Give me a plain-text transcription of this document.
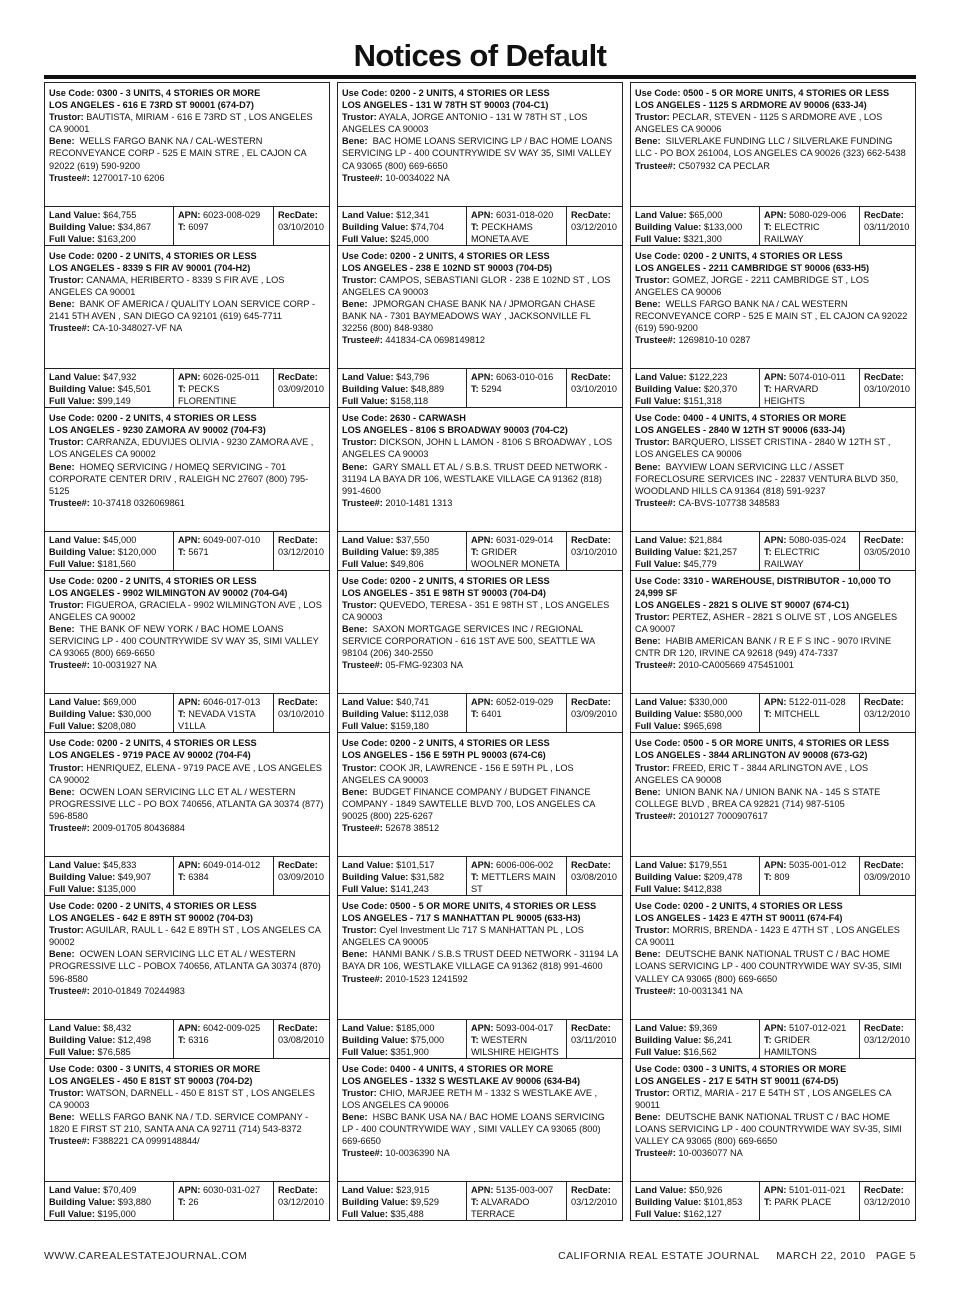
Notices of Default
Use Code: 0300 - 3 UNITS, 4 STORIES OR MORE
LOS ANGELES - 616 E 73RD ST 90001 (674-D7)
Trustor: BAUTISTA, MIRIAM - 616 E 73RD ST , LOS ANGELES CA 90001
Bene: WELLS FARGO BANK NA / CAL-WESTERN RECONVEYANCE CORP - 525 E MAIN STRE , EL CAJON CA 92022 (619) 590-9200
Trustee#: 1270017-10 6206
Land Value: $64,755
Building Value: $34,867
Full Value: $163,200
APN: 6023-008-029
T: 6097
RecDate:
03/10/2010
Use Code: 0200 - 2 UNITS, 4 STORIES OR LESS
LOS ANGELES - 131 W 78TH ST 90003 (704-C1)
Trustor: AYALA, JORGE ANTONIO - 131 W 78TH ST , LOS ANGELES CA 90003
Bene: BAC HOME LOANS SERVICING LP / BAC HOME LOANS SERVICING LP - 400 COUNTRYWIDE SV WAY 35, SIMI VALLEY CA 93065 (800) 669-6650
Trustee#: 10-0034022 NA
Land Value: $12,341
Building Value: $74,704
Full Value: $245,000
APN: 6031-018-020
T: PECKHAMS MONETA AVE
RecDate:
03/12/2010
Use Code: 0500 - 5 OR MORE UNITS, 4 STORIES OR LESS
LOS ANGELES - 1125 S ARDMORE AV 90006 (633-J4)
Trustor: PECLAR, STEVEN - 1125 S ARDMORE AVE , LOS ANGELES CA 90006
Bene: SILVERLAKE FUNDING LLC / SILVERLAKE FUNDING LLC - PO BOX 261004, LOS ANGELES CA 90026 (323) 662-5438
Trustee#: C507932 CA PECLAR
Land Value: $65,000
Building Value: $133,000
Full Value: $321,300
APN: 5080-029-006
T: ELECTRIC RAILWAY
RecDate:
03/11/2010
Use Code: 0200 - 2 UNITS, 4 STORIES OR LESS
LOS ANGELES - 8339 S FIR AV 90001 (704-H2)
Trustor: CANAMA, HERIBERTO - 8339 S FIR AVE , LOS ANGELES CA 90001
Bene: BANK OF AMERICA / QUALITY LOAN SERVICE CORP - 2141 5TH AVEN , SAN DIEGO CA 92101 (619) 645-7711
Trustee#: CA-10-348027-VF NA
Land Value: $47,932
Building Value: $45,501
Full Value: $99,149
APN: 6026-025-011
T: PECKS FLORENTINE
RecDate:
03/09/2010
Use Code: 0200 - 2 UNITS, 4 STORIES OR LESS
LOS ANGELES - 238 E 102ND ST 90003 (704-D5)
Trustor: CAMPOS, SEBASTIANI GLOR - 238 E 102ND ST , LOS ANGELES CA 90003
Bene: JPMORGAN CHASE BANK NA / JPMORGAN CHASE BANK NA - 7301 BAYMEADOWS WAY , JACKSONVILLE FL 32256 (800) 848-9380
Trustee#: 441834-CA 0698149812
Land Value: $43,796
Building Value: $48,889
Full Value: $158,118
APN: 6063-010-016
T: 5294
RecDate:
03/10/2010
Use Code: 0200 - 2 UNITS, 4 STORIES OR LESS
LOS ANGELES - 2211 CAMBRIDGE ST 90006 (633-H5)
Trustor: GOMEZ, JORGE - 2211 CAMBRIDGE ST , LOS ANGELES CA 90006
Bene: WELLS FARGO BANK NA / CAL WESTERN RECONVEYANCE CORP - 525 E MAIN ST , EL CAJON CA 92022 (619) 590-9200
Trustee#: 1269810-10 0287
Land Value: $122,223
Building Value: $20,370
Full Value: $151,318
APN: 5074-010-011
T: HARVARD HEIGHTS
RecDate:
03/10/2010
Use Code: 0200 - 2 UNITS, 4 STORIES OR LESS
LOS ANGELES - 9230 ZAMORA AV 90002 (704-F3)
Trustor: CARRANZA, EDUVIJES OLIVIA - 9230 ZAMORA AVE , LOS ANGELES CA 90002
Bene: HOMEQ SERVICING / HOMEQ SERVICING - 701 CORPORATE CENTER DRIV , RALEIGH NC 27607 (800) 795-5125
Trustee#: 10-37418 0326069861
Land Value: $45,000
Building Value: $120,000
Full Value: $181,560
APN: 6049-007-010
T: 5671
RecDate:
03/12/2010
Use Code: 2630 - CARWASH
LOS ANGELES - 8106 S BROADWAY 90003 (704-C2)
Trustor: DICKSON, JOHN L LAMON - 8106 S BROADWAY , LOS ANGELES CA 90003
Bene: GARY SMALL ET AL / S.B.S. TRUST DEED NETWORK - 31194 LA BAYA DR 106, WESTLAKE VILLAGE CA 91362 (818) 991-4600
Trustee#: 2010-1481 1313
Land Value: $37,550
Building Value: $9,385
Full Value: $49,806
APN: 6031-029-014
T: GRIDER WOOLNER MONETA
RecDate:
03/10/2010
Use Code: 0400 - 4 UNITS, 4 STORIES OR MORE
LOS ANGELES - 2840 W 12TH ST 90006 (633-J4)
Trustor: BARQUERO, LISSET CRISTINA - 2840 W 12TH ST , LOS ANGELES CA 90006
Bene: BAYVIEW LOAN SERVICING LLC / ASSET FORECLOSURE SERVICES INC - 22837 VENTURA BLVD 350, WOODLAND HILLS CA 91364 (818) 591-9237
Trustee#: CA-BVS-107738 348583
Land Value: $21,884
Building Value: $21,257
Full Value: $45,779
APN: 5080-035-024
T: ELECTRIC RAILWAY
RecDate:
03/05/2010
Use Code: 0200 - 2 UNITS, 4 STORIES OR LESS
LOS ANGELES - 9902 WILMINGTON AV 90002 (704-G4)
Trustor: FIGUEROA, GRACIELA - 9902 WILMINGTON AVE , LOS ANGELES CA 90002
Bene: THE BANK OF NEW YORK / BAC HOME LOANS SERVICING LP - 400 COUNTRYWIDE SV WAY 35, SIMI VALLEY CA 93065 (800) 669-6650
Trustee#: 10-0031927 NA
Land Value: $69,000
Building Value: $30,000
Full Value: $208,080
APN: 6046-017-013
T: NEVADA V1STA V1LLA
RecDate:
03/10/2010
Use Code: 0200 - 2 UNITS, 4 STORIES OR LESS
LOS ANGELES - 351 E 98TH ST 90003 (704-D4)
Trustor: QUEVEDO, TERESA - 351 E 98TH ST , LOS ANGELES CA 90003
Bene: SAXON MORTGAGE SERVICES INC / REGIONAL SERVICE CORPORATION - 616 1ST AVE 500, SEATTLE WA 98104 (206) 340-2550
Trustee#: 05-FMG-92303 NA
Land Value: $40,741
Building Value: $112,038
Full Value: $159,180
APN: 6052-019-029
T: 6401
RecDate:
03/09/2010
Use Code: 3310 - WAREHOUSE, DISTRIBUTOR - 10,000 TO 24,999 SF
LOS ANGELES - 2821 S OLIVE ST 90007 (674-C1)
Trustor: PERTEZ, ASHER - 2821 S OLIVE ST , LOS ANGELES CA 90007
Bene: HABIB AMERICAN BANK / R E F S INC - 9070 IRVINE CNTR DR 120, IRVINE CA 92618 (949) 474-7337
Trustee#: 2010-CA005669 475451001
Land Value: $330,000
Building Value: $580,000
Full Value: $965,698
APN: 5122-011-028
T: MITCHELL
RecDate:
03/12/2010
Use Code: 0200 - 2 UNITS, 4 STORIES OR LESS
LOS ANGELES - 9719 PACE AV 90002 (704-F4)
Trustor: HENRIQUEZ, ELENA - 9719 PACE AVE , LOS ANGELES CA 90002
Bene: OCWEN LOAN SERVICING LLC ET AL / WESTERN PROGRESSIVE LLC - PO BOX 740656, ATLANTA GA 30374 (877) 596-8580
Trustee#: 2009-01705 80436884
Land Value: $45,833
Building Value: $49,907
Full Value: $135,000
APN: 6049-014-012
T: 6384
RecDate:
03/09/2010
Use Code: 0200 - 2 UNITS, 4 STORIES OR LESS
LOS ANGELES - 156 E 59TH PL 90003 (674-C6)
Trustor: COOK JR, LAWRENCE - 156 E 59TH PL , LOS ANGELES CA 90003
Bene: BUDGET FINANCE COMPANY / BUDGET FINANCE COMPANY - 1849 SAWTELLE BLVD 700, LOS ANGELES CA 90025 (800) 225-6267
Trustee#: 52678 38512
Land Value: $101,517
Building Value: $31,582
Full Value: $141,243
APN: 6006-006-002
T: METTLERS MAIN ST
RecDate:
03/08/2010
Use Code: 0500 - 5 OR MORE UNITS, 4 STORIES OR LESS
LOS ANGELES - 3844 ARLINGTON AV 90008 (673-G2)
Trustor: FREED, ERIC T - 3844 ARLINGTON AVE , LOS ANGELES CA 90008
Bene: UNION BANK NA / UNION BANK NA - 145 S STATE COLLEGE BLVD , BREA CA 92821 (714) 987-5105
Trustee#: 2010127 7000907617
Land Value: $179,551
Building Value: $209,478
Full Value: $412,838
APN: 5035-001-012
T: 809
RecDate:
03/09/2010
Use Code: 0200 - 2 UNITS, 4 STORIES OR LESS
LOS ANGELES - 642 E 89TH ST 90002 (704-D3)
Trustor: AGUILAR, RAUL L - 642 E 89TH ST , LOS ANGELES CA 90002
Bene: OCWEN LOAN SERVICING LLC ET AL / WESTERN PROGRESSIVE LLC - POBOX 740656, ATLANTA GA 30374 (870) 596-8580
Trustee#: 2010-01849 70244983
Land Value: $8,432
Building Value: $12,498
Full Value: $76,585
APN: 6042-009-025
T: 6316
RecDate:
03/08/2010
Use Code: 0500 - 5 OR MORE UNITS, 4 STORIES OR LESS
LOS ANGELES - 717 S MANHATTAN PL 90005 (633-H3)
Trustor: Cyel Investment Llc 717 S MANHATTAN PL , LOS ANGELES CA 90005
Bene: HANMI BANK / S.B.S TRUST DEED NETWORK - 31194 LA BAYA DR 106, WESTLAKE VILLAGE CA 91362 (818) 991-4600
Trustee#: 2010-1523 1241592
Land Value: $185,000
Building Value: $75,000
Full Value: $351,900
APN: 5093-004-017
T: WESTERN WILSHIRE HEIGHTS
RecDate:
03/11/2010
Use Code: 0200 - 2 UNITS, 4 STORIES OR LESS
LOS ANGELES - 1423 E 47TH ST 90011 (674-F4)
Trustor: MORRIS, BRENDA - 1423 E 47TH ST , LOS ANGELES CA 90011
Bene: DEUTSCHE BANK NATIONAL TRUST C / BAC HOME LOANS SERVICING LP - 400 COUNTRYWIDE WAY SV-35, SIMI VALLEY CA 93065 (800) 669-6650
Trustee#: 10-0031341 NA
Land Value: $9,369
Building Value: $6,241
Full Value: $16,562
APN: 5107-012-021
T: GRIDER HAMILTONS
RecDate:
03/12/2010
Use Code: 0300 - 3 UNITS, 4 STORIES OR MORE
LOS ANGELES - 450 E 81ST ST 90003 (704-D2)
Trustor: WATSON, DARNELL - 450 E 81ST ST , LOS ANGELES CA 90003
Bene: WELLS FARGO BANK NA / T.D. SERVICE COMPANY - 1820 E FIRST ST 210, SANTA ANA CA 92711 (714) 543-8372
Trustee#: F388221 CA 0999148844/
Land Value: $70,409
Building Value: $93,880
Full Value: $195,000
APN: 6030-031-027
T: 26
RecDate:
03/12/2010
Use Code: 0400 - 4 UNITS, 4 STORIES OR MORE
LOS ANGELES - 1332 S WESTLAKE AV 90006 (634-B4)
Trustor: CHIO, MARJEE RETH M - 1332 S WESTLAKE AVE , LOS ANGELES CA 90006
Bene: HSBC BANK USA NA / BAC HOME LOANS SERVICING LP - 400 COUNTRYWIDE WAY , SIMI VALLEY CA 93065 (800) 669-6650
Trustee#: 10-0036390 NA
Land Value: $23,915
Building Value: $9,529
Full Value: $35,488
APN: 5135-003-007
T: ALVARADO TERRACE
RecDate:
03/12/2010
Use Code: 0300 - 3 UNITS, 4 STORIES OR MORE
LOS ANGELES - 217 E 54TH ST 90011 (674-D5)
Trustor: ORTIZ, MARIA - 217 E 54TH ST , LOS ANGELES CA 90011
Bene: DEUTSCHE BANK NATIONAL TRUST C / BAC HOME LOANS SERVICING LP - 400 COUNTRYWIDE WAY SV-35, SIMI VALLEY CA 93065 (800) 669-6650
Trustee#: 10-0036077 NA
Land Value: $50,926
Building Value: $101,853
Full Value: $162,127
APN: 5101-011-021
T: PARK PLACE
RecDate:
03/12/2010
WWW.CAREALESTATEJOURNAL.COM	CALIFORNIA REAL ESTATE JOURNAL     MARCH 22, 2010   PAGE 5
